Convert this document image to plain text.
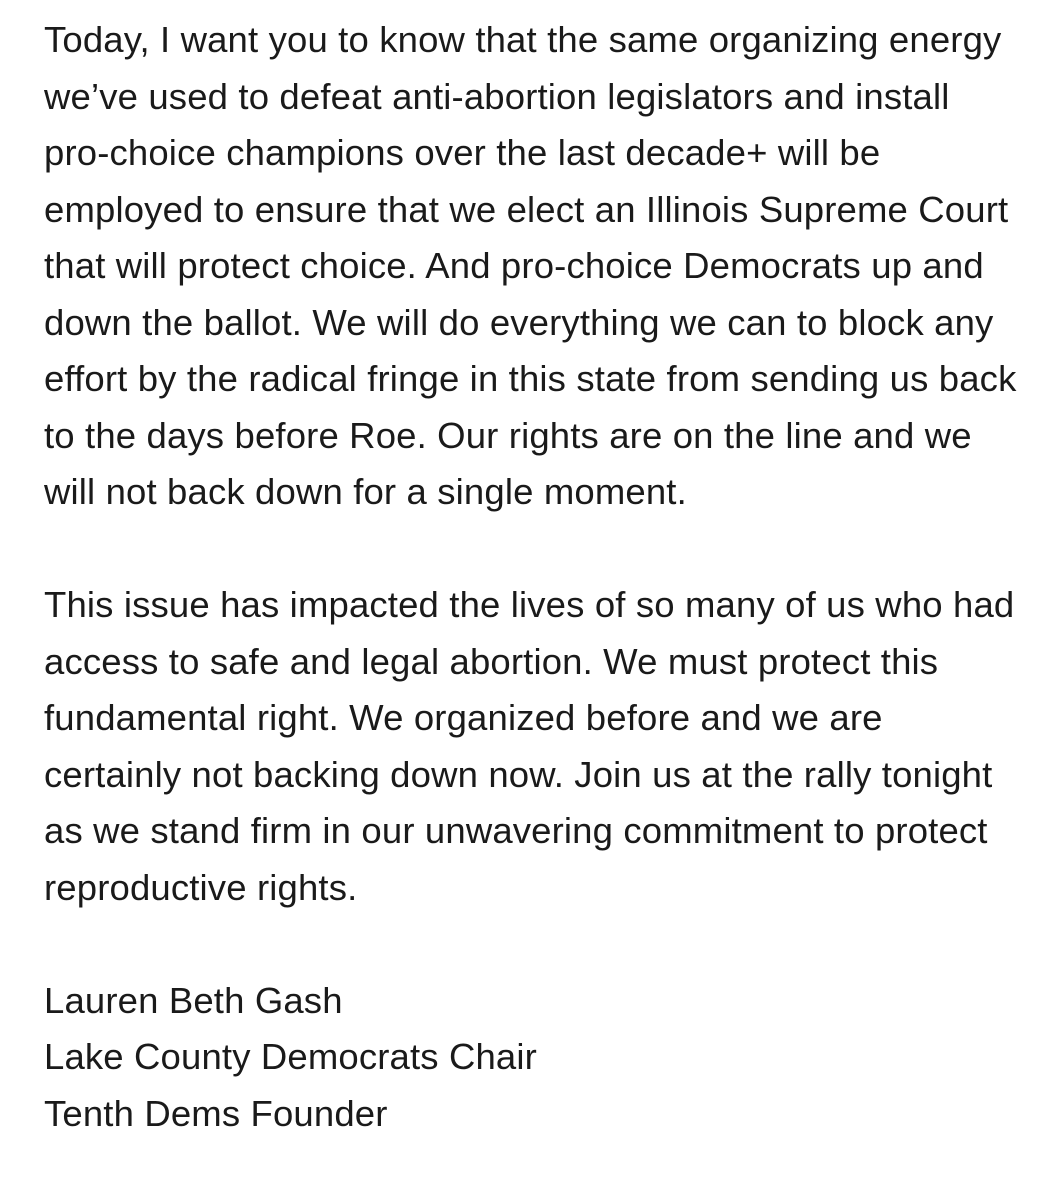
Today, I want you to know that the same organizing energy we’ve used to defeat anti-abortion legislators and install pro-choice champions over the last decade+ will be employed to ensure that we elect an Illinois Supreme Court that will protect choice. And pro-choice Democrats up and down the ballot. We will do everything we can to block any effort by the radical fringe in this state from sending us back to the days before Roe. Our rights are on the line and we will not back down for a single moment.

This issue has impacted the lives of so many of us who had access to safe and legal abortion. We must protect this fundamental right. We organized before and we are certainly not backing down now. Join us at the rally tonight as we stand firm in our unwavering commitment to protect reproductive rights.

Lauren Beth Gash
Lake County Democrats Chair
Tenth Dems Founder
